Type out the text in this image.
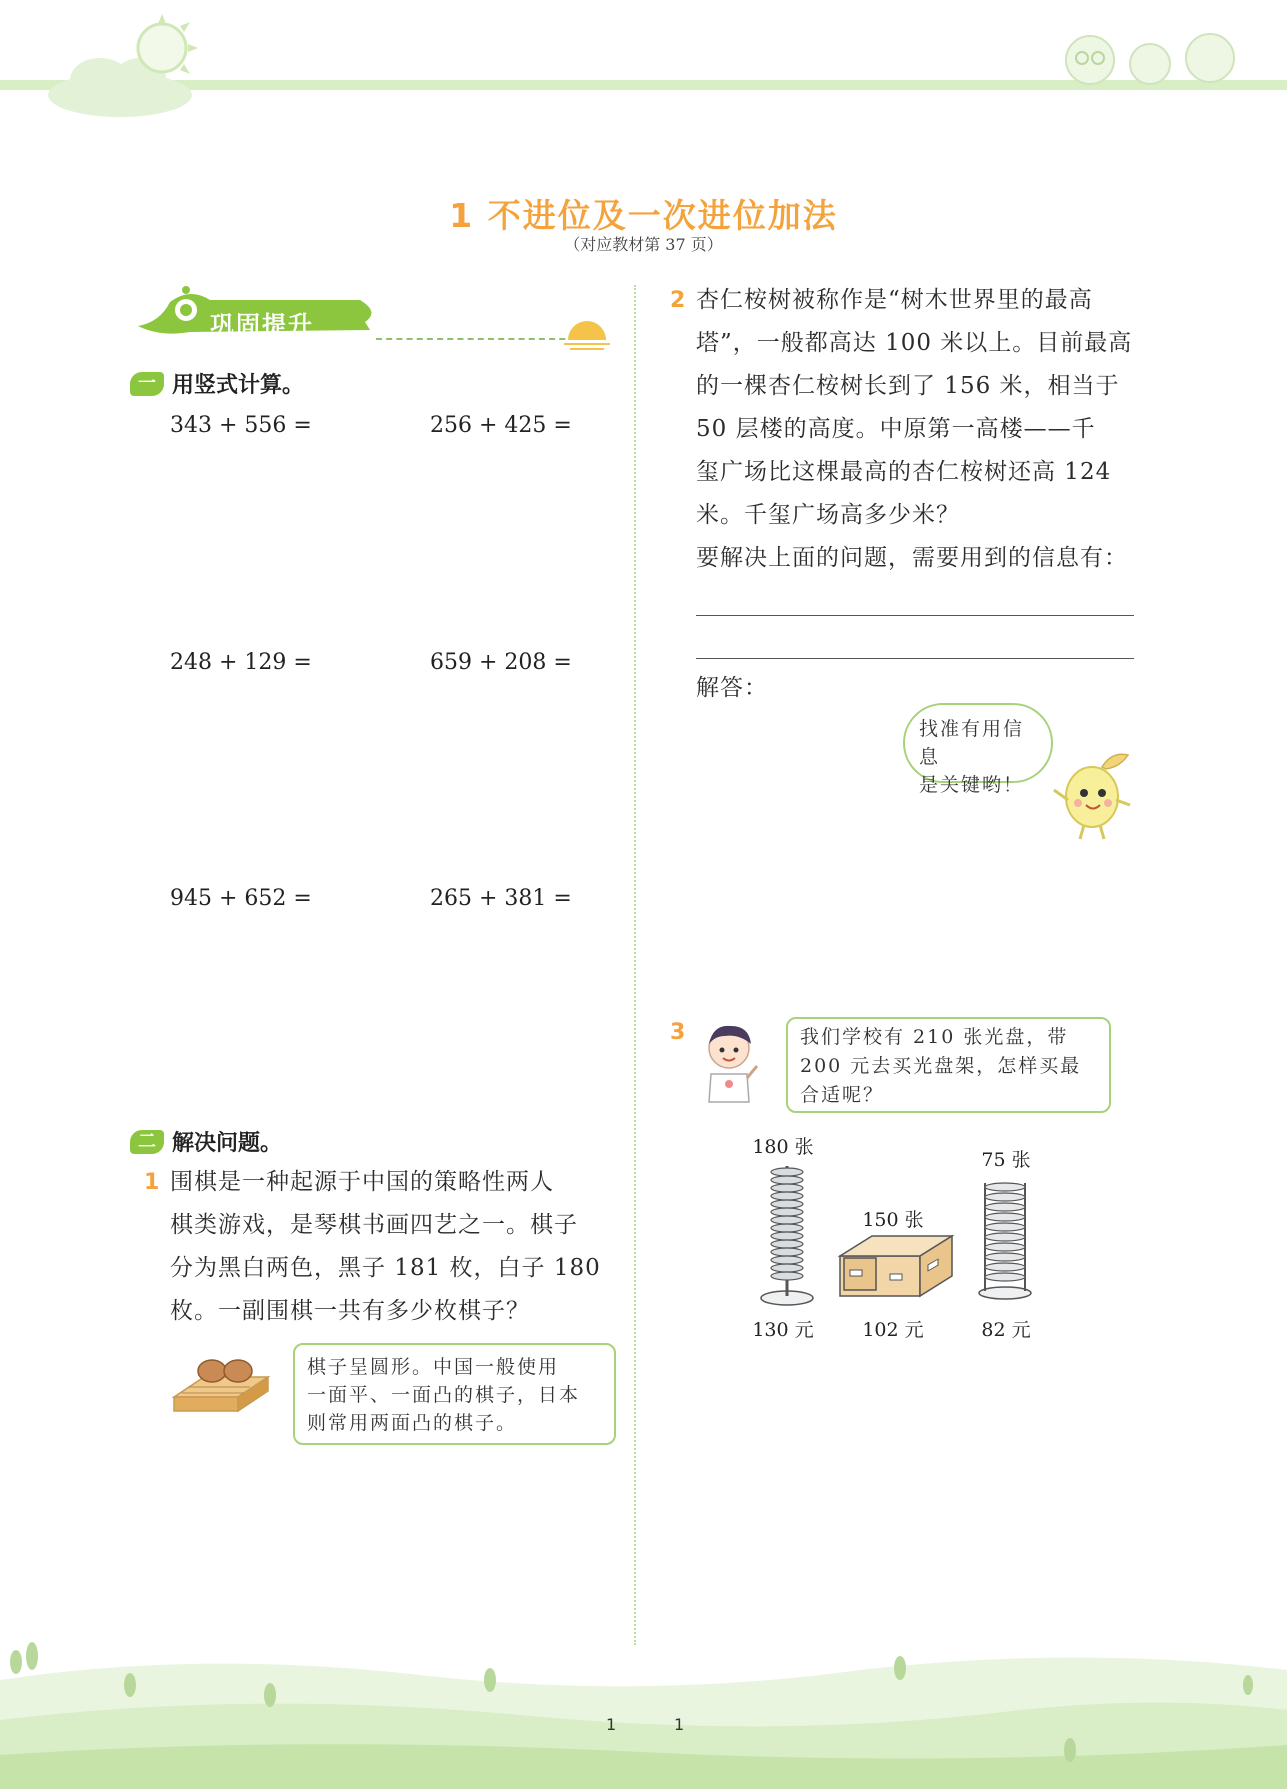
1 不进位及一次进位加法
（对应教材第 37 页）
巩固提升
一 用竖式计算。
343 + 556 =	256 + 425 =
248 + 129 =	659 + 208 =
945 + 652 =	265 + 381 =
二 解决问题。
1 围棋是一种起源于中国的策略性两人
棋类游戏，是琴棋书画四艺之一。棋子
分为黑白两色，黑子 181 枚，白子 180
枚。一副围棋一共有多少枚棋子？
棋子呈圆形。中国一般使用
一面平、一面凸的棋子，日本
则常用两面凸的棋子。
2 杏仁桉树被称作是“树木世界里的最高
塔”，一般都高达 100 米以上。目前最高
的一棵杏仁桉树长到了 156 米，相当于
50 层楼的高度。中原第一高楼——千
玺广场比这棵最高的杏仁桉树还高 124
米。千玺广场高多少米？
要解决上面的问题，需要用到的信息有：
解答：
找准有用信息
是关键哟！
3	我们学校有 210 张光盘，带
200 元去买光盘架，怎样买最
合适呢？
180 张
130 元
150 张
102 元
75 张
82 元
1	1
